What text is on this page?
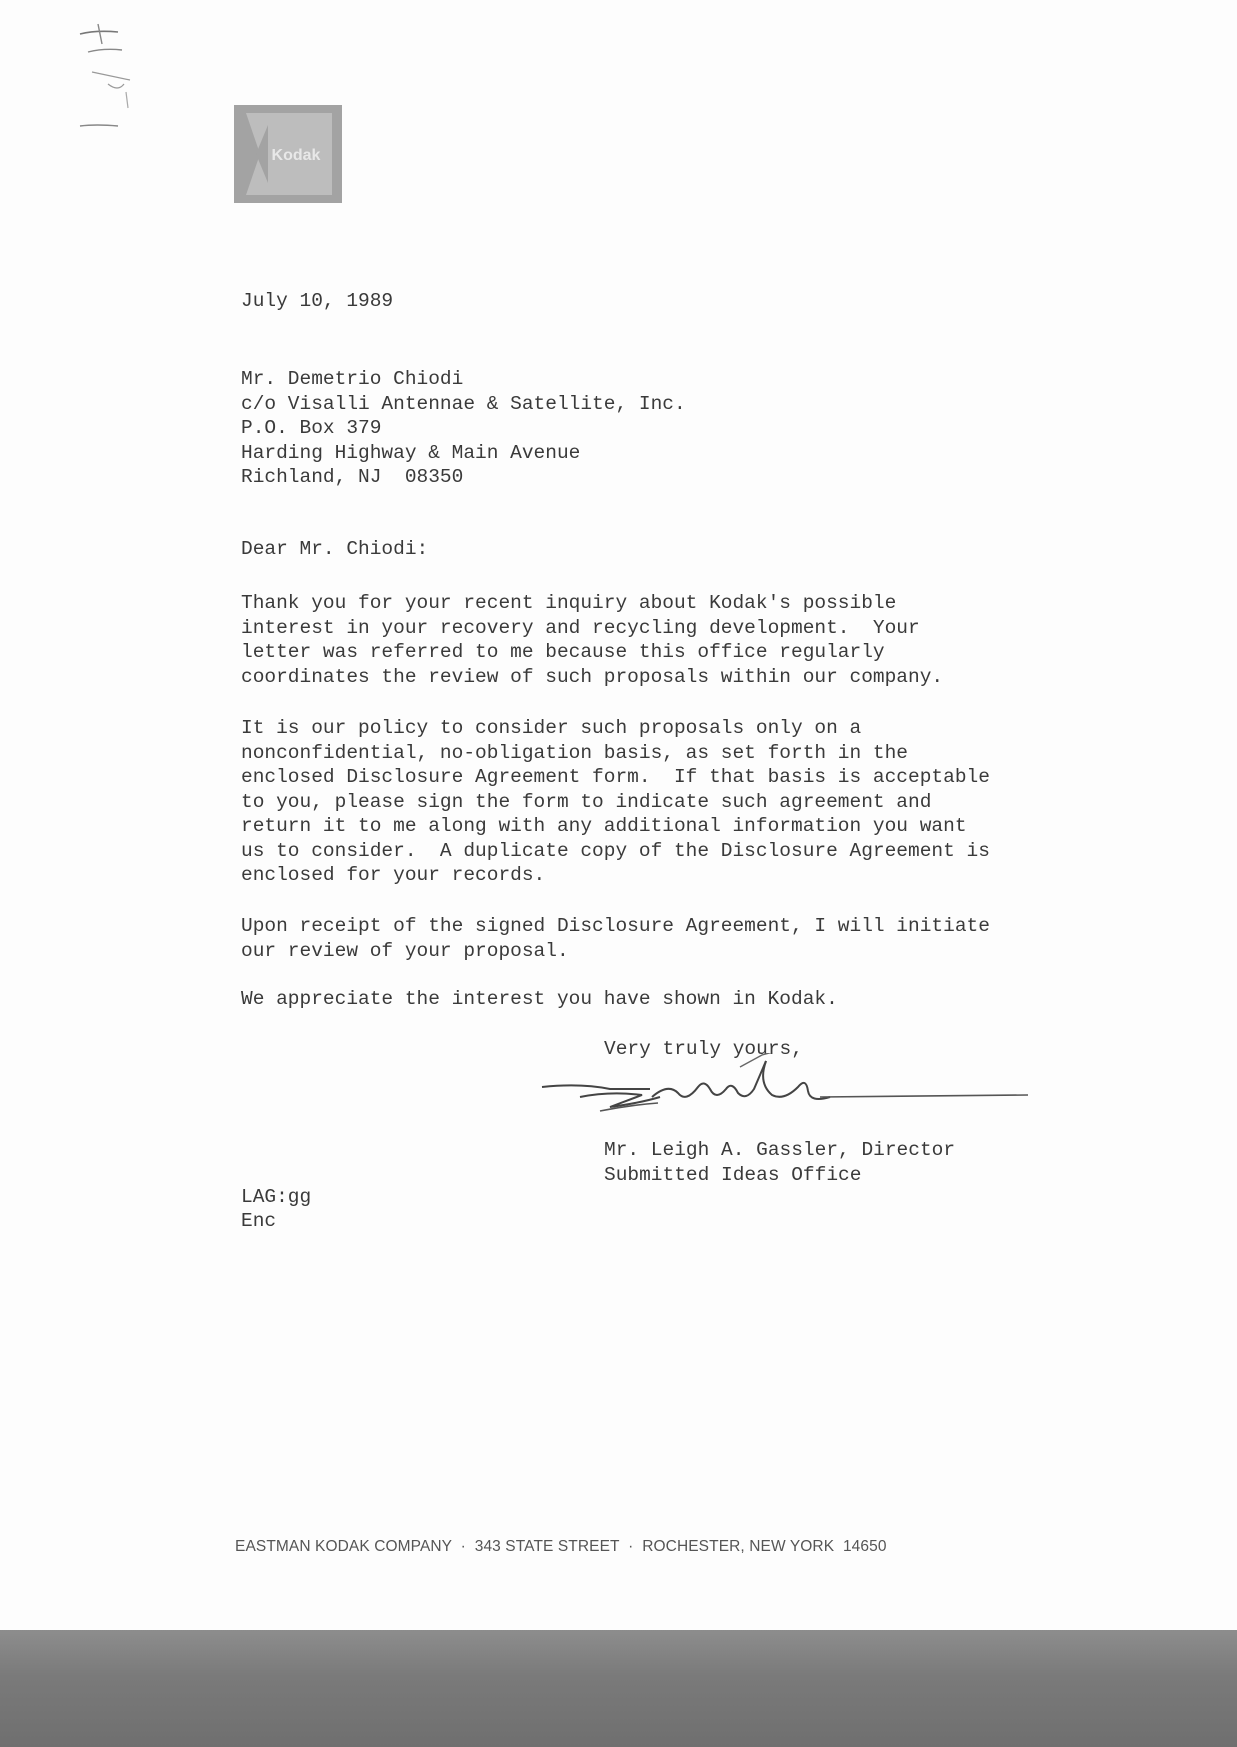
Kodak
July 10, 1989
Mr. Demetrio Chiodi
c/o Visalli Antennae & Satellite, Inc.
P.O. Box 379
Harding Highway & Main Avenue
Richland, NJ  08350
Dear Mr. Chiodi:
Thank you for your recent inquiry about Kodak's possible
interest in your recovery and recycling development.  Your
letter was referred to me because this office regularly
coordinates the review of such proposals within our company.
It is our policy to consider such proposals only on a
nonconfidential, no-obligation basis, as set forth in the
enclosed Disclosure Agreement form.  If that basis is acceptable
to you, please sign the form to indicate such agreement and
return it to me along with any additional information you want
us to consider.  A duplicate copy of the Disclosure Agreement is
enclosed for your records.
Upon receipt of the signed Disclosure Agreement, I will initiate
our review of your proposal.
We appreciate the interest you have shown in Kodak.
Very truly yours,
Mr. Leigh A. Gassler, Director
Submitted Ideas Office
LAG:gg
Enc
EASTMAN KODAK COMPANY  ·  343 STATE STREET  ·  ROCHESTER, NEW YORK  14650
